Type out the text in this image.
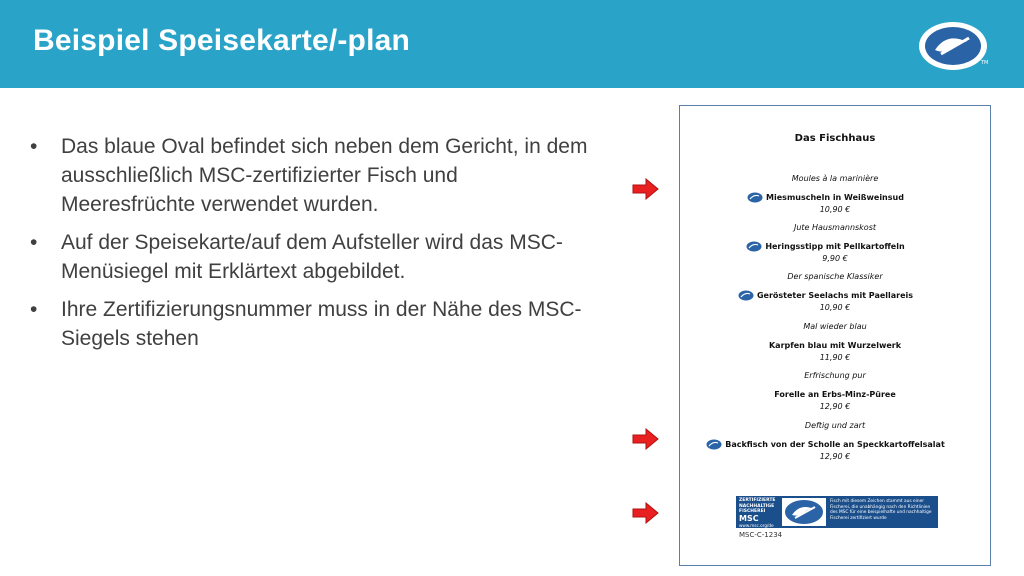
Beispiel Speisekarte/-plan
TM
• Das blaue Oval befindet sich neben dem Gericht, in dem ausschließlich MSC-zertifizierter Fisch und Meeresfrüchte verwendet wurden.
• Auf der Speisekarte/auf dem Aufsteller wird das MSC-Menüsiegel mit Erklärtext abgebildet.
• Ihre Zertifizierungsnummer muss in der Nähe des MSC-Siegels stehen
Das Fischhaus
Moules à la marinière
Miesmuscheln in Weißweinsud
10,90 €
Jute Hausmannskost
Heringsstipp mit Pellkartoffeln
9,90 €
Der spanische Klassiker
Gerösteter Seelachs mit Paellareis
10,90 €
Mal wieder blau
Karpfen blau mit Wurzelwerk
11,90 €
Erfrischung pur
Forelle an Erbs-Minz-Püree
12,90 €
Deftig und zart
Backfisch von der Scholle an Speckkartoffelsalat
12,90 €
ZERTIFIZIERTE
NACHHALTIGE
FISCHEREI
MSC
www.msc.org/de
Fisch mit diesem Zeichen stammt aus einer Fischerei, die unabhängig nach den Richtlinien des MSC für eine beispielhafte und nachhaltige Fischerei zertifiziert wurde
MSC-C-1234
